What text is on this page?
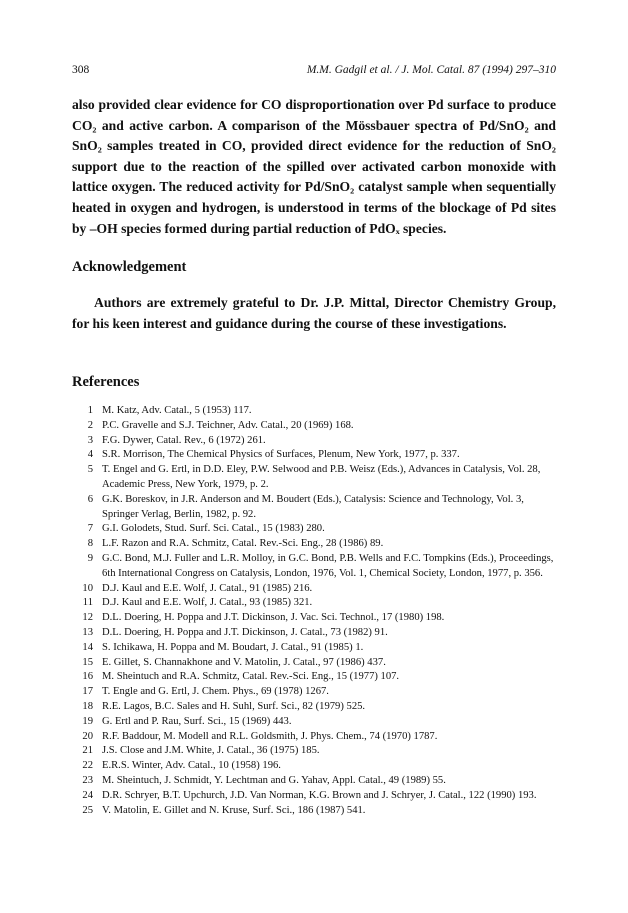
308	M.M. Gadgil et al. / J. Mol. Catal. 87 (1994) 297–310

also provided clear evidence for CO disproportionation over Pd surface to produce CO₂ and active carbon. A comparison of the Mössbauer spectra of Pd/SnO₂ and SnO₂ samples treated in CO, provided direct evidence for the reduction of SnO₂ support due to the reaction of the spilled over activated carbon monoxide with lattice oxygen. The reduced activity for Pd/SnO₂ catalyst sample when sequentially heated in oxygen and hydrogen, is understood in terms of the blockage of Pd sites by –OH species formed during partial reduction of PdOₓ species.

Acknowledgement

Authors are extremely grateful to Dr. J.P. Mittal, Director Chemistry Group, for his keen interest and guidance during the course of these investigations.

References
1 M. Katz, Adv. Catal., 5 (1953) 117.
2 P.C. Gravelle and S.J. Teichner, Adv. Catal., 20 (1969) 168.
3 F.G. Dywer, Catal. Rev., 6 (1972) 261.
4 S.R. Morrison, The Chemical Physics of Surfaces, Plenum, New York, 1977, p. 337.
5 T. Engel and G. Ertl, in D.D. Eley, P.W. Selwood and P.B. Weisz (Eds.), Advances in Catalysis, Vol. 28, Academic Press, New York, 1979, p. 2.
6 G.K. Boreskov, in J.R. Anderson and M. Boudert (Eds.), Catalysis: Science and Technology, Vol. 3, Springer Verlag, Berlin, 1982, p. 92.
7 G.I. Golodets, Stud. Surf. Sci. Catal., 15 (1983) 280.
8 L.F. Razon and R.A. Schmitz, Catal. Rev.-Sci. Eng., 28 (1986) 89.
9 G.C. Bond, M.J. Fuller and L.R. Molloy, in G.C. Bond, P.B. Wells and F.C. Tompkins (Eds.), Proceedings, 6th International Congress on Catalysis, London, 1976, Vol. 1, Chemical Society, London, 1977, p. 356.
10 D.J. Kaul and E.E. Wolf, J. Catal., 91 (1985) 216.
11 D.J. Kaul and E.E. Wolf, J. Catal., 93 (1985) 321.
12 D.L. Doering, H. Poppa and J.T. Dickinson, J. Vac. Sci. Technol., 17 (1980) 198.
13 D.L. Doering, H. Poppa and J.T. Dickinson, J. Catal., 73 (1982) 91.
14 S. Ichikawa, H. Poppa and M. Boudart, J. Catal., 91 (1985) 1.
15 E. Gillet, S. Channakhone and V. Matolin, J. Catal., 97 (1986) 437.
16 M. Sheintuch and R.A. Schmitz, Catal. Rev.-Sci. Eng., 15 (1977) 107.
17 T. Engle and G. Ertl, J. Chem. Phys., 69 (1978) 1267.
18 R.E. Lagos, B.C. Sales and H. Suhl, Surf. Sci., 82 (1979) 525.
19 G. Ertl and P. Rau, Surf. Sci., 15 (1969) 443.
20 R.F. Baddour, M. Modell and R.L. Goldsmith, J. Phys. Chem., 74 (1970) 1787.
21 J.S. Close and J.M. White, J. Catal., 36 (1975) 185.
22 E.R.S. Winter, Adv. Catal., 10 (1958) 196.
23 M. Sheintuch, J. Schmidt, Y. Lechtman and G. Yahav, Appl. Catal., 49 (1989) 55.
24 D.R. Schryer, B.T. Upchurch, J.D. Van Norman, K.G. Brown and J. Schryer, J. Catal., 122 (1990) 193.
25 V. Matolin, E. Gillet and N. Kruse, Surf. Sci., 186 (1987) 541.
